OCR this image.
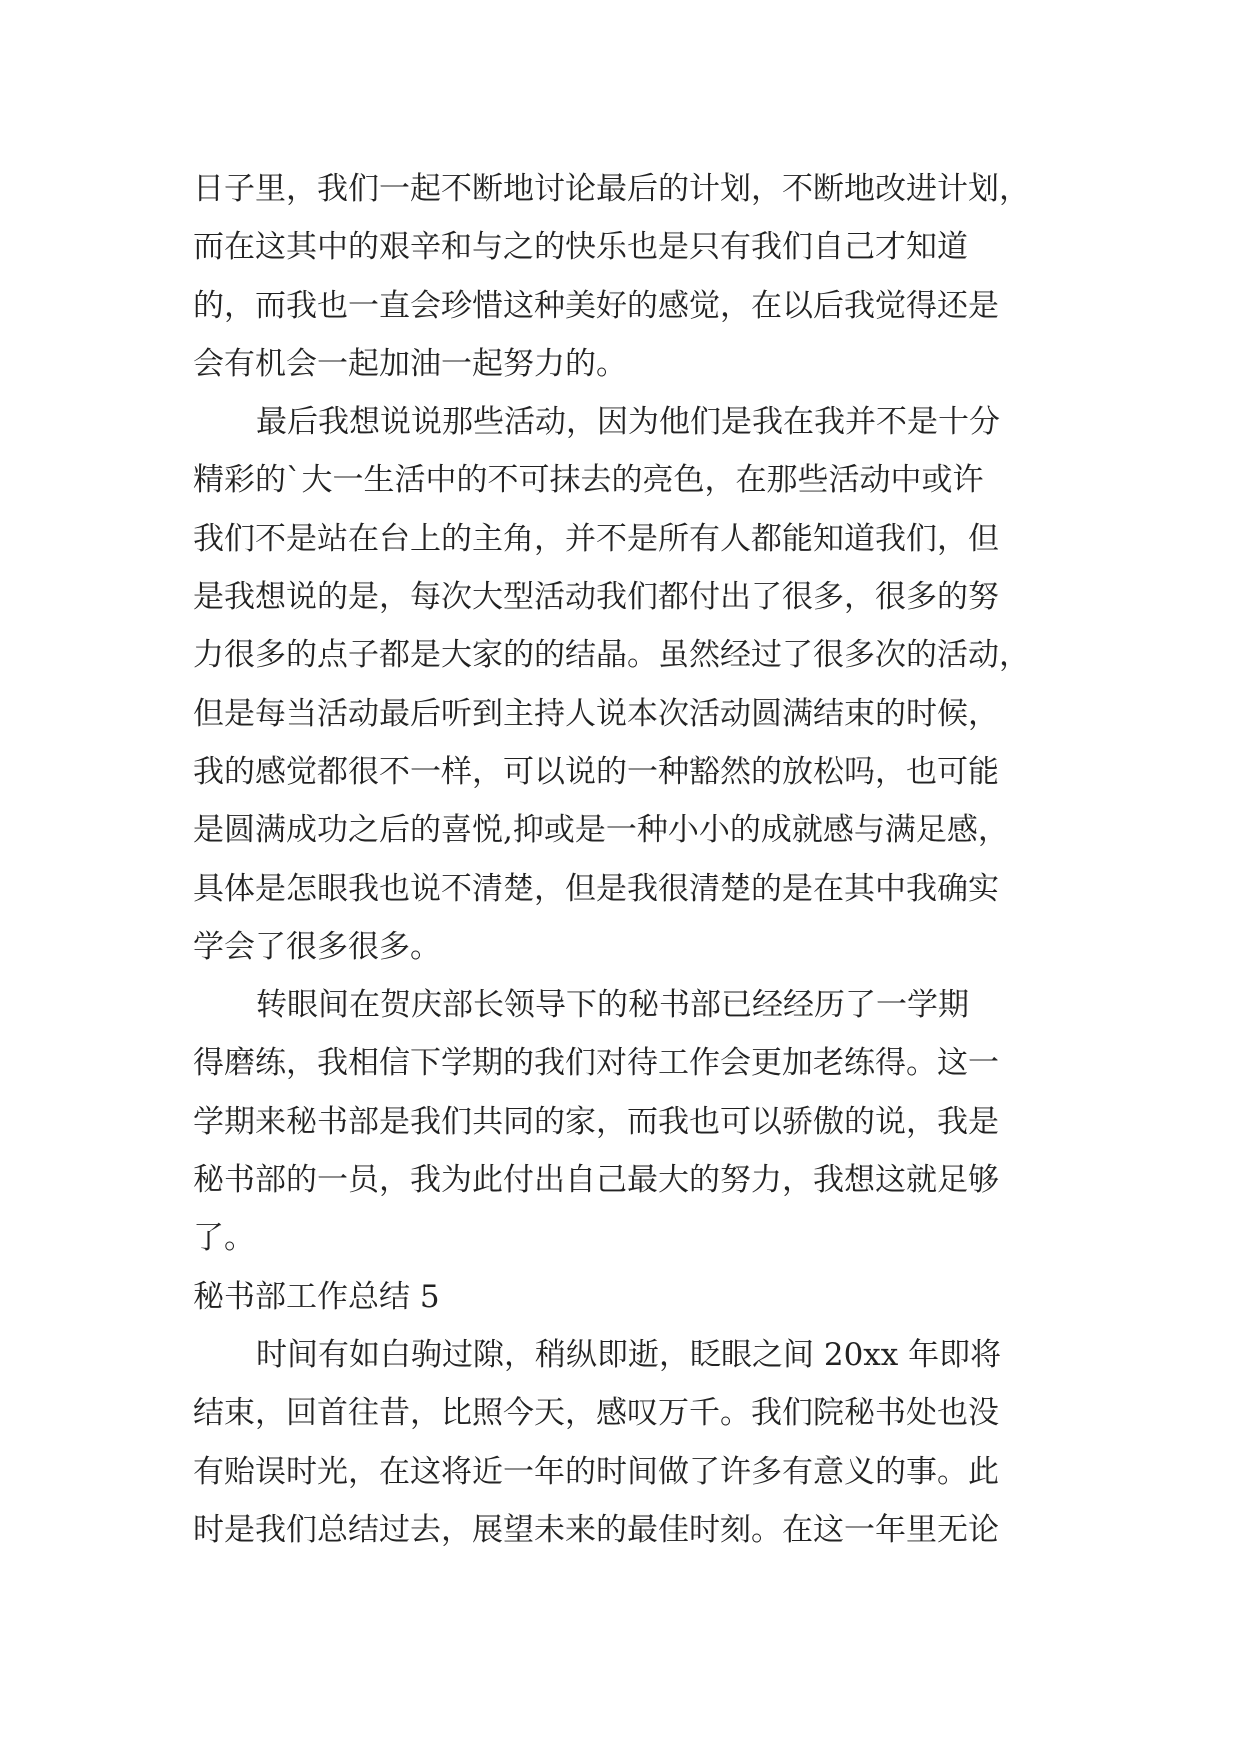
日子里，我们一起不断地讨论最后的计划，不断地改进计划，
而在这其中的艰辛和与之的快乐也是只有我们自己才知道
的，而我也一直会珍惜这种美好的感觉，在以后我觉得还是
会有机会一起加油一起努力的。
最后我想说说那些活动，因为他们是我在我并不是十分
精彩的`大一生活中的不可抹去的亮色，在那些活动中或许
我们不是站在台上的主角，并不是所有人都能知道我们，但
是我想说的是，每次大型活动我们都付出了很多，很多的努
力很多的点子都是大家的的结晶。虽然经过了很多次的活动，
但是每当活动最后听到主持人说本次活动圆满结束的时候，
我的感觉都很不一样，可以说的一种豁然的放松吗，也可能
是圆满成功之后的喜悦,抑或是一种小小的成就感与满足感，
具体是怎眼我也说不清楚，但是我很清楚的是在其中我确实
学会了很多很多。
转眼间在贺庆部长领导下的秘书部已经经历了一学期
得磨练，我相信下学期的我们对待工作会更加老练得。这一
学期来秘书部是我们共同的家，而我也可以骄傲的说，我是
秘书部的一员，我为此付出自己最大的努力，我想这就足够
了。
秘书部工作总结 5
时间有如白驹过隙，稍纵即逝，眨眼之间 20xx 年即将
结束，回首往昔，比照今天，感叹万千。我们院秘书处也没
有贻误时光，在这将近一年的时间做了许多有意义的事。此
时是我们总结过去，展望未来的最佳时刻。在这一年里无论
